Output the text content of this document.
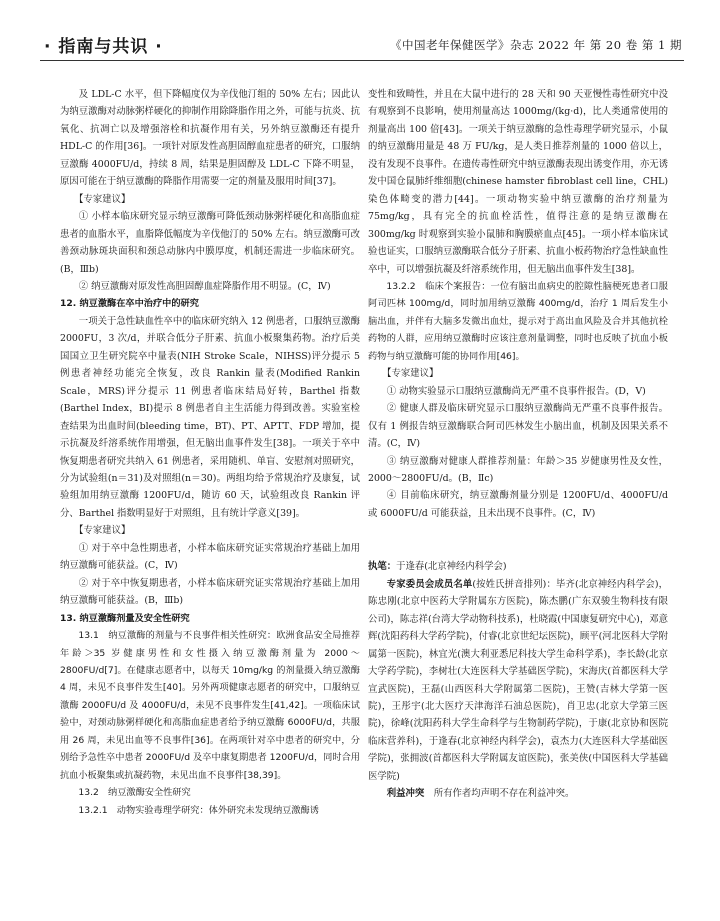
· 指南与共识 ·	《中国老年保健医学》杂志 2022 年 第 20 卷 第 1 期

及 LDL-C 水平，但下降幅度仅为辛伐他汀组的 50% 左右；因此认为纳豆激酶对动脉粥样硬化的抑制作用除降脂作用之外，可能与抗炎、抗氧化、抗凋亡以及增强溶栓和抗凝作用有关，另外纳豆激酶还有提升 HDL-C 的作用[36]。一项针对原发性高胆固醇血症患者的研究，口服纳豆激酶 4000FU/d，持续 8 周，结果是胆固醇及 LDL-C 下降不明显，原因可能在于纳豆激酶的降脂作用需要一定的剂量及服用时间[37]。

【专家建议】

① 小样本临床研究显示纳豆激酶可降低颈动脉粥样硬化和高脂血症患者的血脂水平，血脂降低幅度为辛伐他汀的 50% 左右。纳豆激酶可改善颈动脉斑块面积和颈总动脉内中膜厚度，机制还需进一步临床研究。(B，Ⅲb)

② 纳豆激酶对原发性高胆固醇血症降脂作用不明显。(C，Ⅳ)

12. 纳豆激酶在卒中治疗中的研究

一项关于急性缺血性卒中的临床研究纳入 12 例患者，口服纳豆激酶 2000FU，3 次/d，并联合低分子肝素、抗血小板聚集药物。治疗后美国国立卫生研究院卒中量表(NIH Stroke Scale，NIHSS)评分提示 5 例患者神经功能完全恢复，改良 Rankin 量表(Modified Rankin Scale，MRS)评分提示 11 例患者临床结局好转，Barthel 指数(Barthel Index，BI)提示 8 例患者自主生活能力得到改善。实验室检查结果为出血时间(bleeding time，BT)、PT、APTT、FDP 增加，提示抗凝及纤溶系统作用增强，但无脑出血事件发生[38]。一项关于卒中恢复期患者研究共纳入 61 例患者，采用随机、单盲、安慰剂对照研究，分为试验组(n＝31)及对照组(n＝30)。两组均给予常规治疗及康复，试验组加用纳豆激酶 1200FU/d，随访 60 天，试验组改良 Rankin 评分、Barthel 指数明显好于对照组，且有统计学意义[39]。

【专家建议】

① 对于卒中急性期患者，小样本临床研究证实常规治疗基础上加用纳豆激酶可能获益。(C，Ⅳ)

② 对于卒中恢复期患者，小样本临床研究证实常规治疗基础上加用纳豆激酶可能获益。(B，Ⅲb)

13. 纳豆激酶剂量及安全性研究

13.1　纳豆激酶的剂量与不良事件相关性研究：欧洲食品安全局推荐年龄＞35 岁健康男性和女性摄入纳豆激酶剂量为 2000～2800FU/d[7]。在健康志愿者中，以每天 10mg/kg 的剂量摄入纳豆激酶 4 周，未见不良事件发生[40]。另外两项健康志愿者的研究中，口服纳豆激酶 2000FU/d 及 4000FU/d，未见不良事件发生[41,42]。一项临床试验中，对颈动脉粥样硬化和高脂血症患者给予纳豆激酶 6000FU/d，共服用 26 周，未见出血等不良事件[36]。在两项针对卒中患者的研究中，分别给予急性卒中患者 2000FU/d 及卒中康复期患者 1200FU/d，同时合用抗血小板聚集或抗凝药物，未见出血不良事件[38,39]。

13.2　纳豆激酶安全性研究

13.2.1　动物实验毒理学研究：体外研究未发现纳豆激酶诱

变性和致畸性，并且在大鼠中进行的 28 天和 90 天亚慢性毒性研究中没有观察到不良影响，使用剂量高达 1000mg/(kg·d)，比人类通常使用的剂量高出 100 倍[43]。一项关于纳豆激酶的急性毒理学研究显示，小鼠的纳豆激酶用量是 48 万 FU/kg，是人类日推荐剂量的 1000 倍以上，没有发现不良事件。在遗传毒性研究中纳豆激酶表现出诱变作用，亦无诱发中国仓鼠肺纤维细胞(chinese hamster fibroblast cell line，CHL)染色体畸变的潜力[44]。一项动物实验中纳豆激酶的治疗剂量为 75mg/kg，具有完全的抗血栓活性，值得注意的是纳豆激酶在 300mg/kg 时观察到实验小鼠肺和胸膜瘀血点[45]。一项小样本临床试验也证实，口服纳豆激酶联合低分子肝素、抗血小板药物治疗急性缺血性卒中，可以增强抗凝及纤溶系统作用，但无脑出血事件发生[38]。

13.2.2　临床个案报告：一位有脑出血病史的腔隙性脑梗死患者口服阿司匹林 100mg/d，同时加用纳豆激酶 400mg/d，治疗 1 周后发生小脑出血，并伴有大脑多发微出血灶，提示对于高出血风险及合并其他抗栓药物的人群，应用纳豆激酶时应该注意剂量调整，同时也反映了抗血小板药物与纳豆激酶可能的协同作用[46]。

【专家建议】

① 动物实验显示口服纳豆激酶尚无严重不良事件报告。(D，Ⅴ)

② 健康人群及临床研究显示口服纳豆激酶尚无严重不良事件报告。仅有 1 例报告纳豆激酶联合阿司匹林发生小脑出血，机制及因果关系不清。(C，Ⅳ)

③ 纳豆激酶对健康人群推荐剂量：年龄＞35 岁健康男性及女性，2000～2800FU/d。(B，Ⅱc)

④ 目前临床研究，纳豆激酶剂量分别是 1200FU/d、4000FU/d 或 6000FU/d 可能获益，且未出现不良事件。(C，Ⅳ)

执笔：于逢春(北京神经内科学会)

专家委员会成员名单(按姓氏拼音排列)：毕齐(北京神经内科学会)，陈忠刚(北京中医药大学附属东方医院)，陈杰鹏(广东双骏生物科技有限公司)，陈志祥(台湾大学动物科技系)，杜晓霞(中国康复研究中心)，邓意辉(沈阳药科大学药学院)，付睿(北京世纪坛医院)，顾平(河北医科大学附属第一医院)，林宜光(澳大利亚悉尼科技大学生命科学系)，李长龄(北京大学药学院)，李树壮(大连医科大学基础医学院)，宋海庆(首都医科大学宣武医院)，王磊(山西医科大学附属第二医院)，王赞(吉林大学第一医院)，王彤宇(北大医疗天津海洋石油总医院)，肖卫忠(北京大学第三医院)，徐峰(沈阳药科大学生命科学与生物制药学院)，于康(北京协和医院临床营养科)，于逢春(北京神经内科学会)，袁杰力(大连医科大学基础医学院)，张拥波(首都医科大学附属友谊医院)，张美侠(中国医科大学基础医学院)

利益冲突　所有作者均声明不存在利益冲突。
